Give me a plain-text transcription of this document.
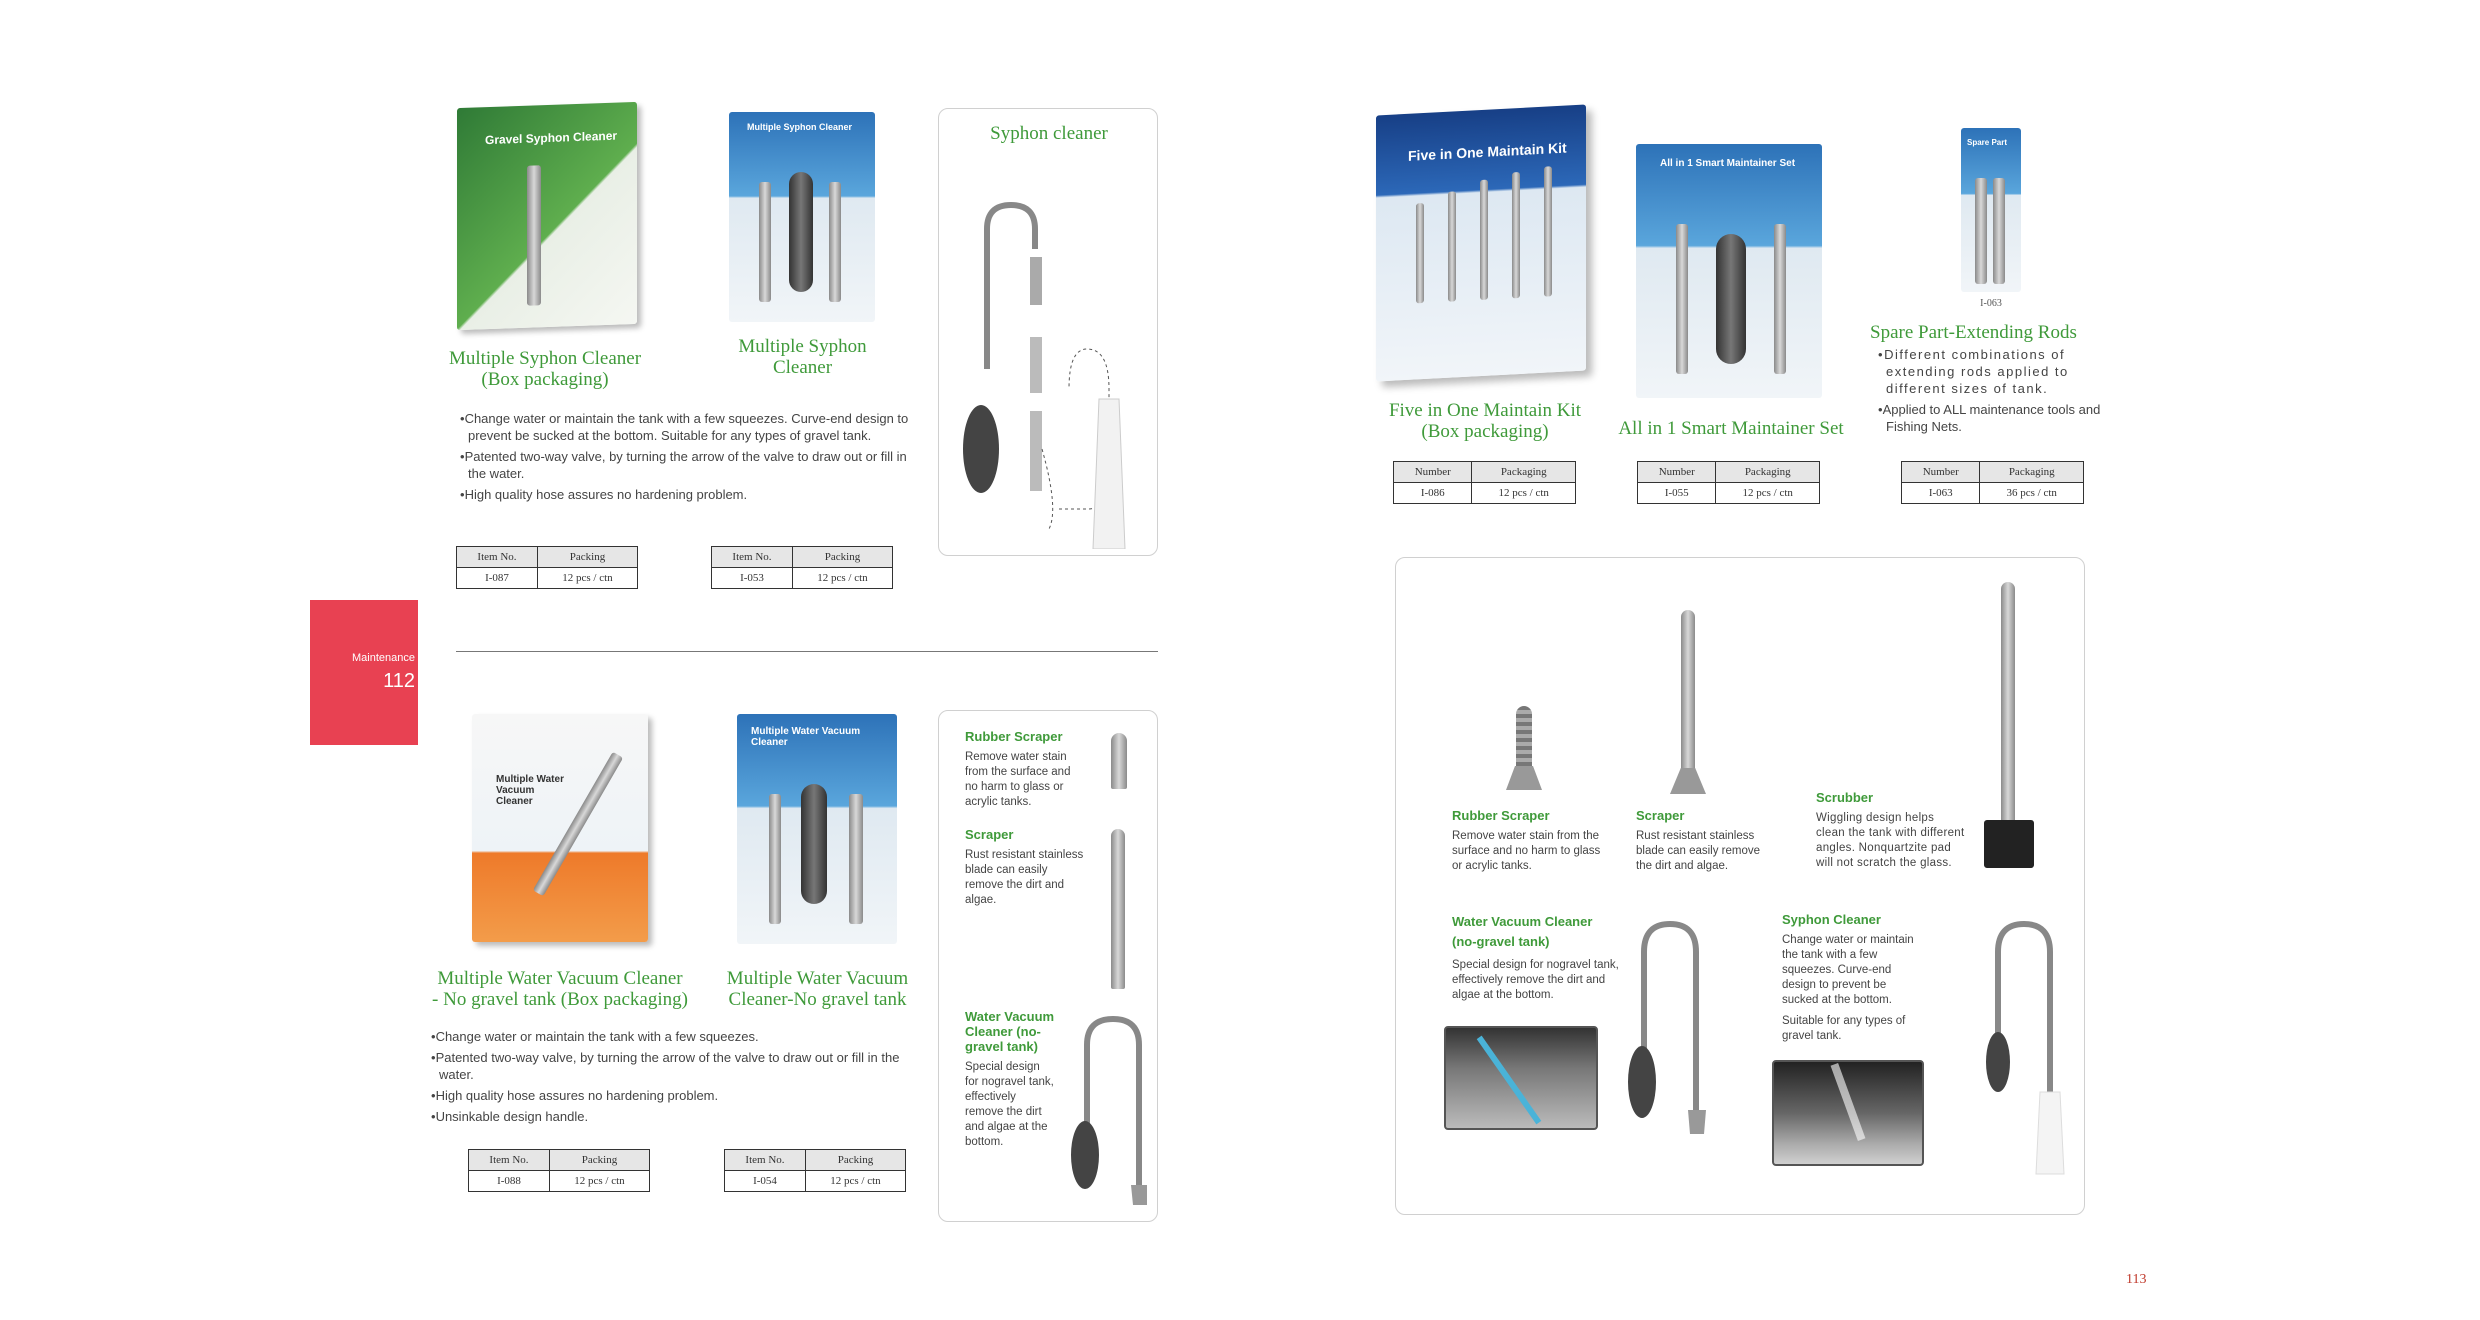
Gravel Syphon Cleaner
Multiple Syphon Cleaner
(Box packaging)
Multiple Syphon Cleaner
Multiple Syphon
Cleaner

• Change water or maintain the tank with a few squeezes. Curve-end design to prevent be sucked at the bottom. Suitable for any types of gravel tank.

• Patented two-way valve, by turning the arrow of the valve to draw out or fill in the water.

• High quality hose assures no hardening problem.

Item No.	Packing
I-087	12 pcs / ctn
Item No.	Packing
I-053	12 pcs / ctn
Syphon cleaner
Maintenance
112
Multiple Water Vacuum Cleaner
Multiple Water Vacuum Cleaner
- No gravel tank (Box packaging)
Multiple Water Vacuum Cleaner
Multiple Water Vacuum
Cleaner-No gravel tank

• Change water or maintain the tank with a few squeezes.

• Patented two-way valve, by turning the arrow of the valve to draw out or fill in the water.

• High quality hose assures no hardening problem.

• Unsinkable design handle.

Item No.	Packing
I-088	12 pcs / ctn
Item No.	Packing
I-054	12 pcs / ctn
Rubber Scraper
Remove water stain from the surface and no harm to glass or acrylic tanks.
Scraper
Rust resistant stainless blade can easily remove the dirt and algae.
Water Vacuum Cleaner (no-gravel tank)
Special design for nogravel tank, effectively remove the dirt and algae at the bottom.
Five in One Maintain Kit
Five in One Maintain Kit
(Box packaging)
Number	Packaging
I-086	12 pcs / ctn
All in 1 Smart Maintainer Set
All in 1 Smart Maintainer Set
Number	Packaging
I-055	12 pcs / ctn
Spare Part
I-063
Spare Part-Extending Rods

• Different combinations of extending rods applied to different sizes of tank.

• Applied to ALL maintenance tools and Fishing Nets.

Number	Packaging
I-063	36 pcs / ctn
Rubber Scraper
Remove water stain from the surface and no harm to glass or acrylic tanks.
Scraper
Rust resistant stainless blade can easily remove the dirt and algae.
Scrubber
Wiggling design helps clean the tank with different angles. Nonquartzite pad will not scratch the glass.
Water Vacuum Cleaner
(no-gravel tank)
Special design for nogravel tank, effectively remove the dirt and algae at the bottom.
Syphon Cleaner
Change water or maintain the tank with a few squeezes. Curve-end design to prevent be sucked at the bottom.
Suitable for any types of gravel tank.
113
